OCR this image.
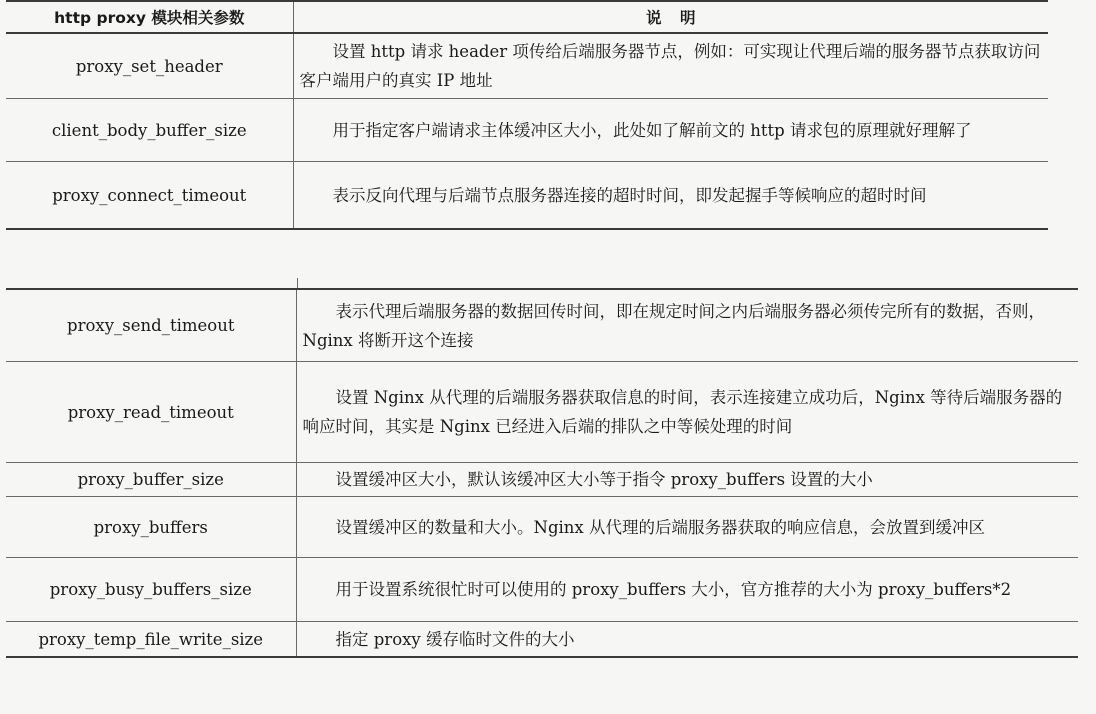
http proxy 模块相关参数	说明
proxy_set_header	设置 http 请求 header 项传给后端服务器节点，例如：可实现让代理后端的服务器节点获取访问客户端用户的真实 IP 地址

client_body_buffer_size	用于指定客户端请求主体缓冲区大小，此处如了解前文的 http 请求包的原理就好理解了

proxy_connect_timeout	表示反向代理与后端节点服务器连接的超时时间，即发起握手等候响应的超时时间
proxy_send_timeout	表示代理后端服务器的数据回传时间，即在规定时间之内后端服务器必须传完所有的数据，否则，Nginx 将断开这个连接

proxy_read_timeout	设置 Nginx 从代理的后端服务器获取信息的时间，表示连接建立成功后，Nginx 等待后端服务器的响应时间，其实是 Nginx 已经进入后端的排队之中等候处理的时间

proxy_buffer_size	设置缓冲区大小，默认该缓冲区大小等于指令 proxy_buffers 设置的大小

proxy_buffers	设置缓冲区的数量和大小。Nginx 从代理的后端服务器获取的响应信息，会放置到缓冲区

proxy_busy_buffers_size	用于设置系统很忙时可以使用的 proxy_buffers 大小，官方推荐的大小为 proxy_buffers*2

proxy_temp_file_write_size	指定 proxy 缓存临时文件的大小
